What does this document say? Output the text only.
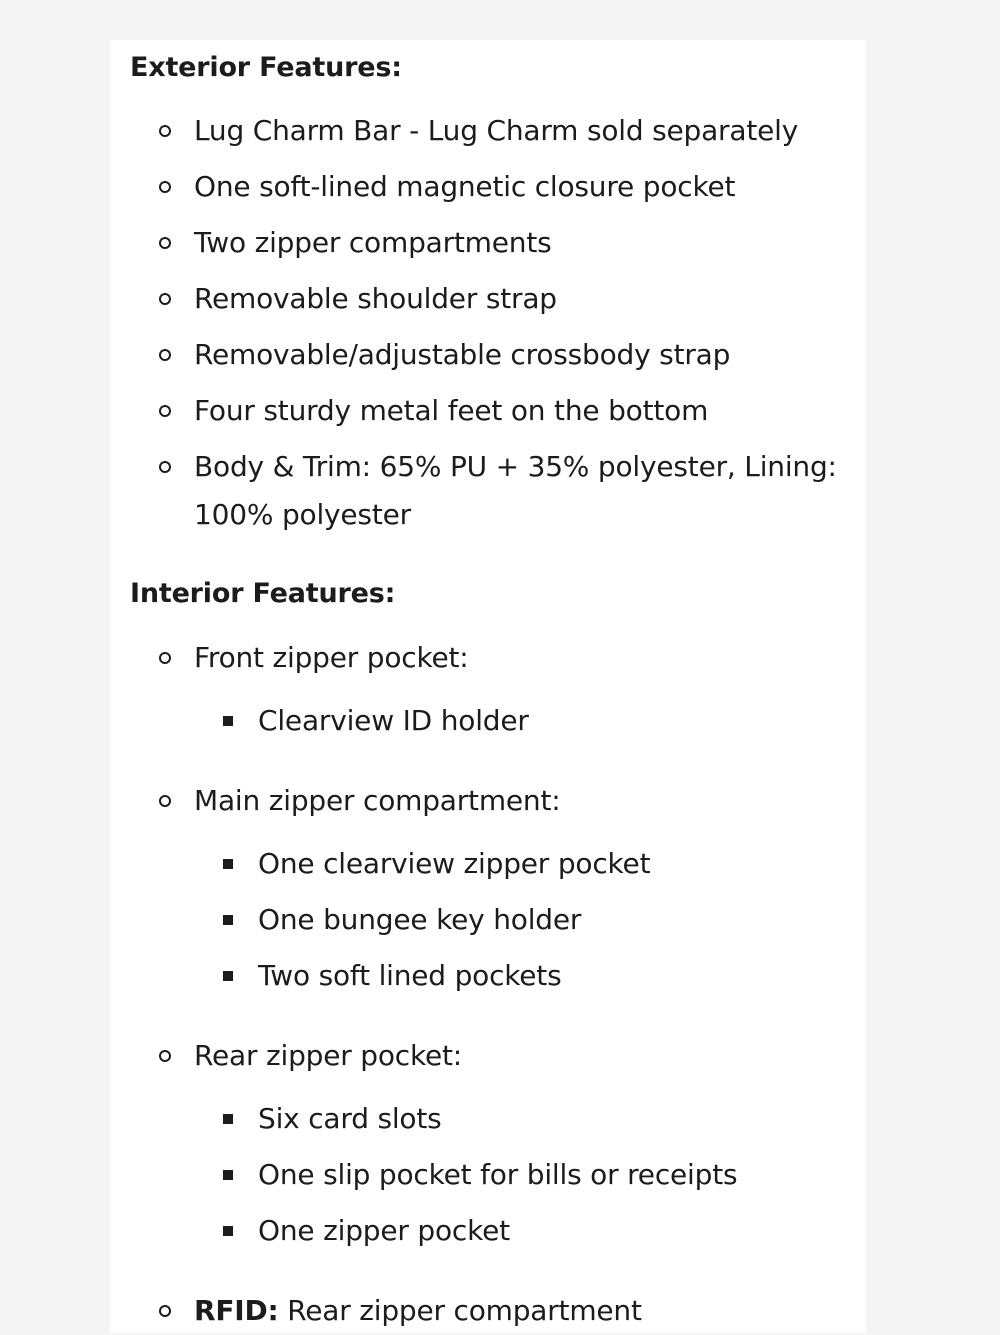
Exterior Features:
Lug Charm Bar - Lug Charm sold separately
One soft-lined magnetic closure pocket
Two zipper compartments
Removable shoulder strap
Removable/adjustable crossbody strap
Four sturdy metal feet on the bottom
Body & Trim: 65% PU + 35% polyester, Lining:
100% polyester
Interior Features:
Front zipper pocket:
Clearview ID holder
Main zipper compartment:
One clearview zipper pocket
One bungee key holder
Two soft lined pockets
Rear zipper pocket:
Six card slots
One slip pocket for bills or receipts
One zipper pocket
RFID: Rear zipper compartment
